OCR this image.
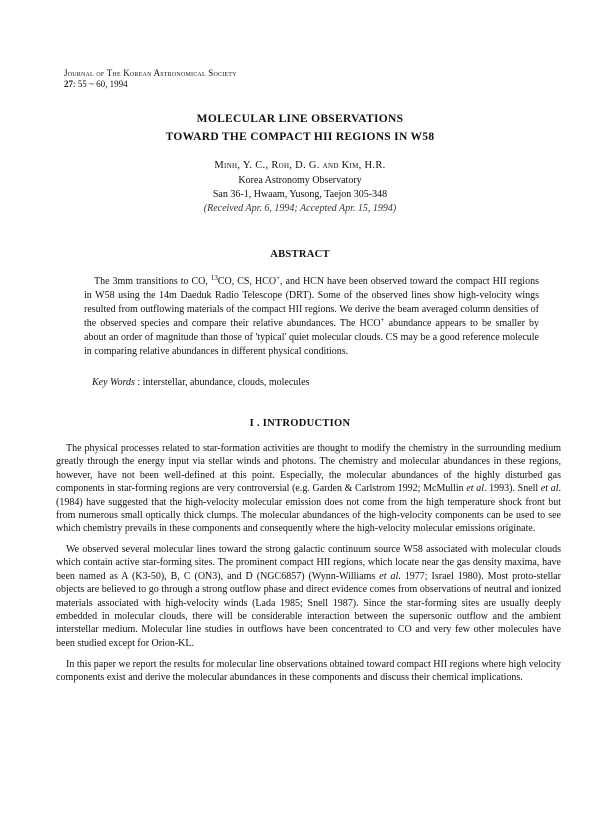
Journal of The Korean Astronomical Society
27: 55 ~ 60, 1994
MOLECULAR LINE OBSERVATIONS
TOWARD THE COMPACT HII REGIONS IN W58
Minh, Y. C., Roh, D. G. and Kim, H.R.
Korea Astronomy Observatory
San 36-1, Hwaam, Yusong, Taejon 305-348
(Received Apr. 6, 1994; Accepted Apr. 15, 1994)
ABSTRACT

The 3mm transitions to CO, $^{13}$CO, CS, HCO+, and HCN have been observed toward the compact HII regions in W58 using the 14m Daeduk Radio Telescope (DRT). Some of the observed lines show high-velocity wings resulted from outflowing materials of the compact HII regions. We derive the beam averaged column densities of the observed species and compare their relative abundances. The HCO+ abundance appears to be smaller by about an order of magnitude than those of 'typical' quiet molecular clouds. CS may be a good reference molecule in comparing relative abundances in different physical conditions.

Key Words : interstellar, abundance, clouds, molecules
I . INTRODUCTION

The physical processes related to star-formation activities are thought to modify the chemistry in the surrounding medium greatly through the energy input via stellar winds and photons. The chemistry and molecular abundances in these regions, however, have not been well-defined at this point. Especially, the molecular abundances of the highly disturbed gas components in star-forming regions are very controversial (e.g. Garden & Carlstrom 1992; McMullin et al. 1993). Snell et al. (1984) have suggested that the high-velocity molecular emission does not come from the high temperature shock front but from numerous small optically thick clumps. The molecular abundances of the high-velocity components can be used to see which chemistry prevails in these components and consequently where the high-velocity molecular emissions originate.

We observed several molecular lines toward the strong galactic continuum source W58 associated with molecular clouds which contain active star-forming sites. The prominent compact HII regions, which locate near the gas density maxima, have been named as A (K3-50), B, C (ON3), and D (NGC6857) (Wynn-Williams et al. 1977; Israel 1980). Most proto-stellar objects are believed to go through a strong outflow phase and direct evidence comes from observations of neutral and ionized materials associated with high-velocity winds (Lada 1985; Snell 1987). Since the star-forming sites are usually deeply embedded in molecular clouds, there will be considerable interaction between the supersonic outflow and the ambient interstellar medium. Molecular line studies in outflows have been concentrated to CO and very few other molecules have been studied except for Orion-KL.

In this paper we report the results for molecular line observations obtained toward compact HII regions where high velocity components exist and derive the molecular abundances in these components and discuss their chemical implications.
